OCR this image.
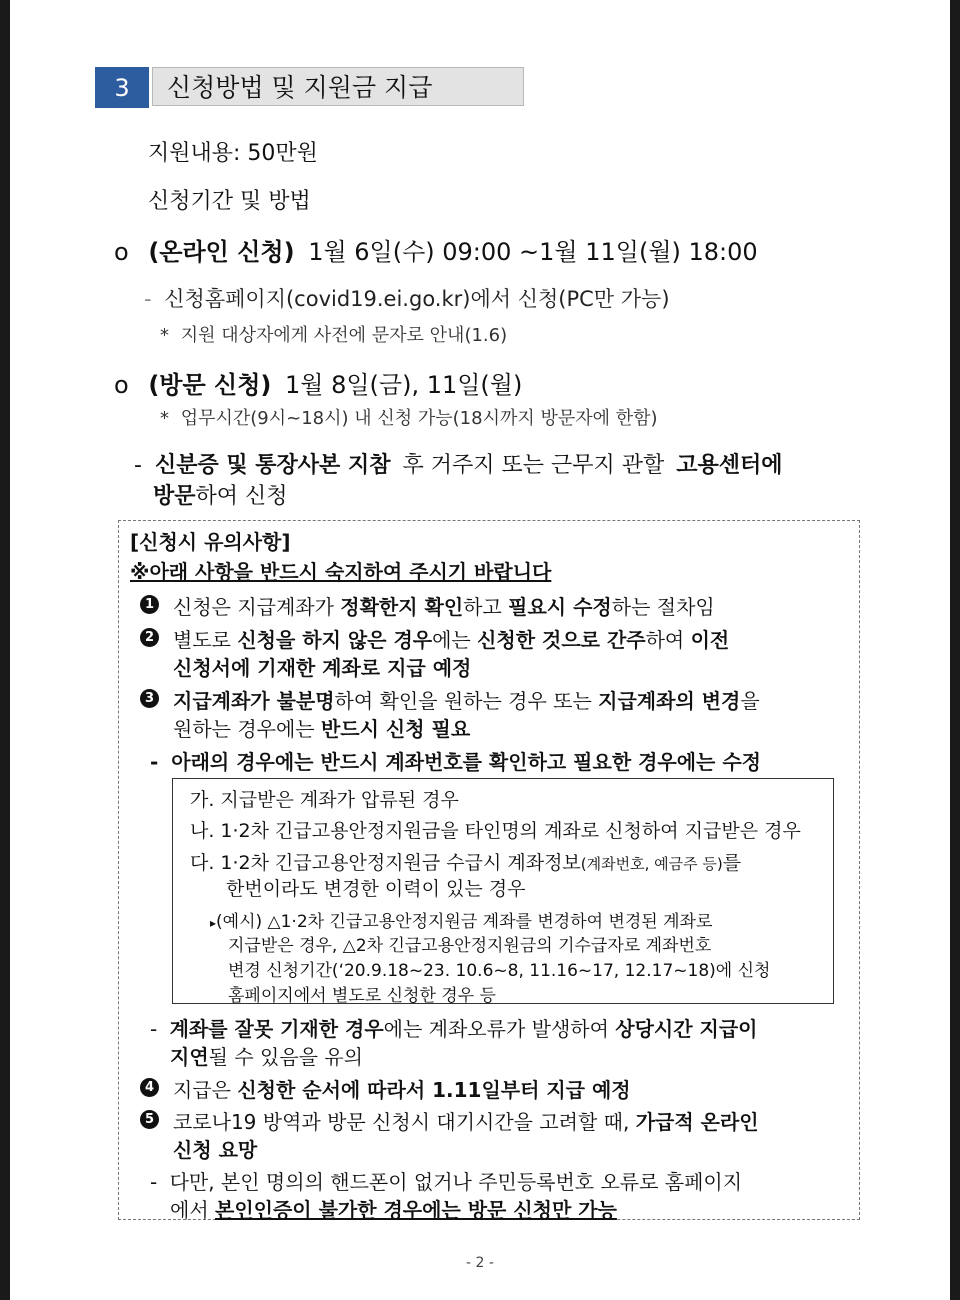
3	신청방법 및 지원금 지급
지원내용: 50만원
신청기간 및 방법
o (온라인 신청) 1월 6일(수) 09:00 ~1월 11일(월) 18:00
- 신청홈페이지(covid19.ei.go.kr)에서 신청(PC만 가능)
* 지원 대상자에게 사전에 문자로 안내(1.6)
o (방문 신청) 1월 8일(금), 11일(월)
* 업무시간(9시~18시) 내 신청 가능(18시까지 방문자에 한함)
- 신분증 및 통장사본 지참 후 거주지 또는 근무지 관할 고용센터에
방문하여 신청
[신청시 유의사항]
※아래 사항을 반드시 숙지하여 주시기 바랍니다
1 신청은 지급계좌가 정확한지 확인하고 필요시 수정하는 절차임
2 별도로 신청을 하지 않은 경우에는 신청한 것으로 간주하여 이전
신청서에 기재한 계좌로 지급 예정
3 지급계좌가 불분명하여 확인을 원하는 경우 또는 지급계좌의 변경을
원하는 경우에는 반드시 신청 필요
- 아래의 경우에는 반드시 계좌번호를 확인하고 필요한 경우에는 수정
가. 지급받은 계좌가 압류된 경우
나. 1·2차 긴급고용안정지원금을 타인명의 계좌로 신청하여 지급받은 경우
다. 1·2차 긴급고용안정지원금 수급시 계좌정보(계좌번호, 예금주 등)를
한번이라도 변경한 이력이 있는 경우
▸(예시) △1·2차 긴급고용안정지원금 계좌를 변경하여 변경된 계좌로
지급받은 경우, △2차 긴급고용안정지원금의 기수급자로 계좌번호
변경 신청기간(‘20.9.18~23. 10.6~8, 11.16~17, 12.17~18)에 신청
홈페이지에서 별도로 신청한 경우 등
- 계좌를 잘못 기재한 경우에는 계좌오류가 발생하여 상당시간 지급이
지연될 수 있음을 유의
4 지급은 신청한 순서에 따라서 1.11일부터 지급 예정
5 코로나19 방역과 방문 신청시 대기시간을 고려할 때, 가급적 온라인
신청 요망
- 다만, 본인 명의의 핸드폰이 없거나 주민등록번호 오류로 홈페이지
에서 본인인증이 불가한 경우에는 방문 신청만 가능
- 2 -
